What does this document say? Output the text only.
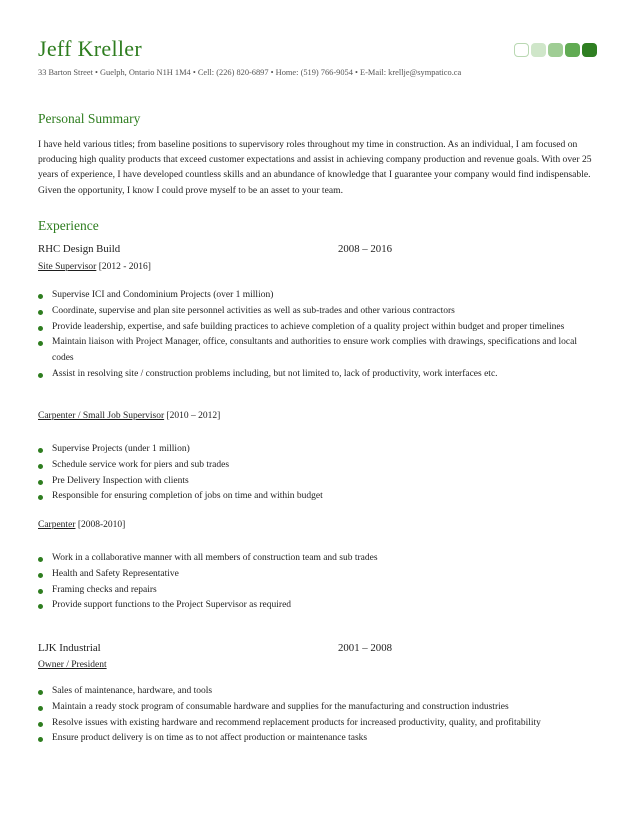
Jeff Kreller
33 Barton Street • Guelph, Ontario N1H 1M4 • Cell: (226) 820-6897 • Home: (519) 766-9054 • E-Mail: krellje@sympatico.ca
Personal Summary
I have held various titles; from baseline positions to supervisory roles throughout my time in construction. As an individual, I am focused on producing high quality products that exceed customer expectations and assist in achieving company production and revenue goals. With over 25 years of experience, I have developed countless skills and an abundance of knowledge that I guarantee your company would find indispensable. Given the opportunity, I know I could prove myself to be an asset to your team.
Experience
RHC Design Build	2008 – 2016
Site Supervisor [2012 - 2016]
Supervise ICI and Condominium Projects (over 1 million)
Coordinate, supervise and plan site personnel activities as well as sub-trades and other various contractors
Provide leadership, expertise, and safe building practices to achieve completion of a quality project within budget and proper timelines
Maintain liaison with Project Manager, office, consultants and authorities to ensure work complies with drawings, specifications and local codes
Assist in resolving site / construction problems including, but not limited to, lack of productivity, work interfaces etc.
Carpenter / Small Job Supervisor [2010 – 2012]
Supervise Projects (under 1 million)
Schedule service work for piers and sub trades
Pre Delivery Inspection with clients
Responsible for ensuring completion of jobs on time and within budget
Carpenter [2008-2010]
Work in a collaborative manner with all members of construction team and sub trades
Health and Safety Representative
Framing checks and repairs
Provide support functions to the Project Supervisor as required
LJK Industrial	2001 – 2008
Owner / President
Sales of maintenance, hardware, and tools
Maintain a ready stock program of consumable hardware and supplies for the manufacturing and construction industries
Resolve issues with existing hardware and recommend replacement products for increased productivity, quality, and profitability
Ensure product delivery is on time as to not affect production or maintenance tasks
